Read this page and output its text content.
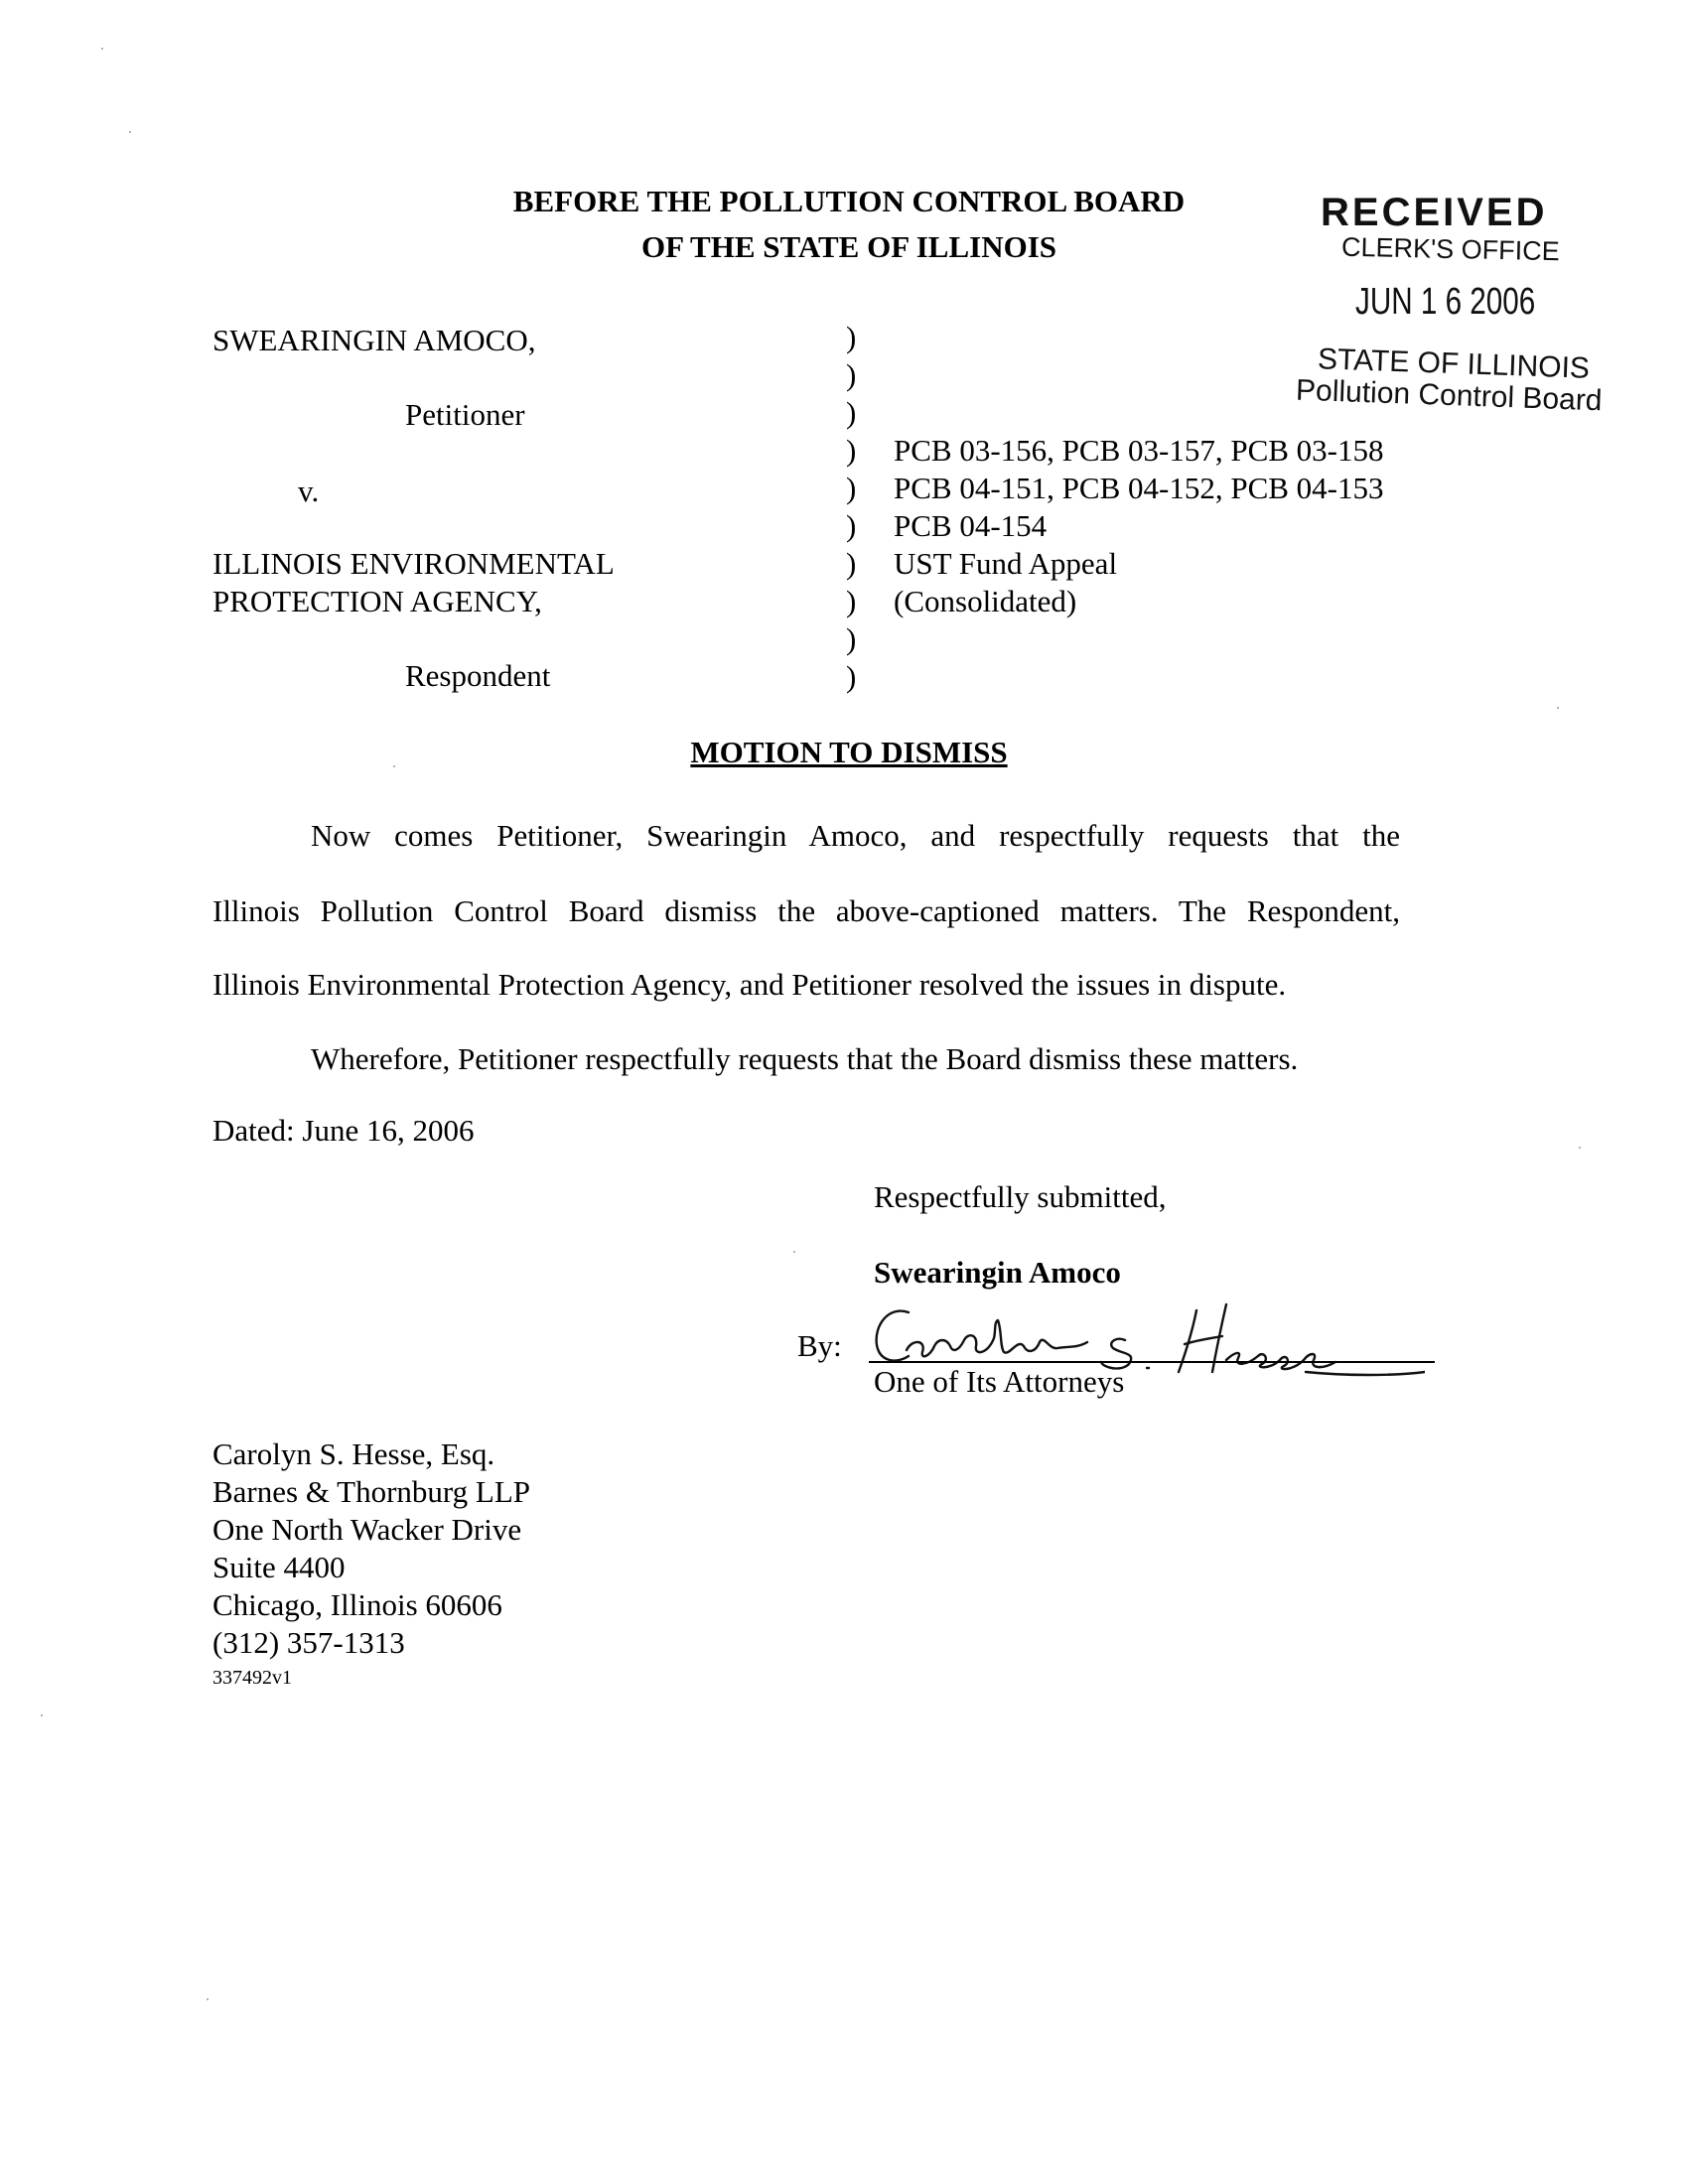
BEFORE THE POLLUTION CONTROL BOARD
OF THE STATE OF ILLINOIS
RECEIVED
CLERK'S OFFICE
JUN 1 6 2006
STATE OF ILLINOIS
Pollution Control Board
SWEARINGIN AMOCO,
Petitioner
v.
ILLINOIS ENVIRONMENTAL
PROTECTION AGENCY,
Respondent
)
)
)
)
)
)
)
)
)
)
PCB 03-156, PCB 03-157, PCB 03-158
PCB 04-151, PCB 04-152, PCB 04-153
PCB 04-154
UST Fund Appeal
(Consolidated)
MOTION TO DISMISS
Now comes Petitioner, Swearingin Amoco, and respectfully requests that the
Illinois Pollution Control Board dismiss the above-captioned matters. The Respondent,
Illinois Environmental Protection Agency, and Petitioner resolved the issues in dispute.
Wherefore, Petitioner respectfully requests that the Board dismiss these matters.
Dated: June 16, 2006
Respectfully submitted,
Swearingin Amoco
By:
One of Its Attorneys
Carolyn S. Hesse, Esq.
Barnes & Thornburg LLP
One North Wacker Drive
Suite 4400
Chicago, Illinois 60606
(312) 357-1313
337492v1
